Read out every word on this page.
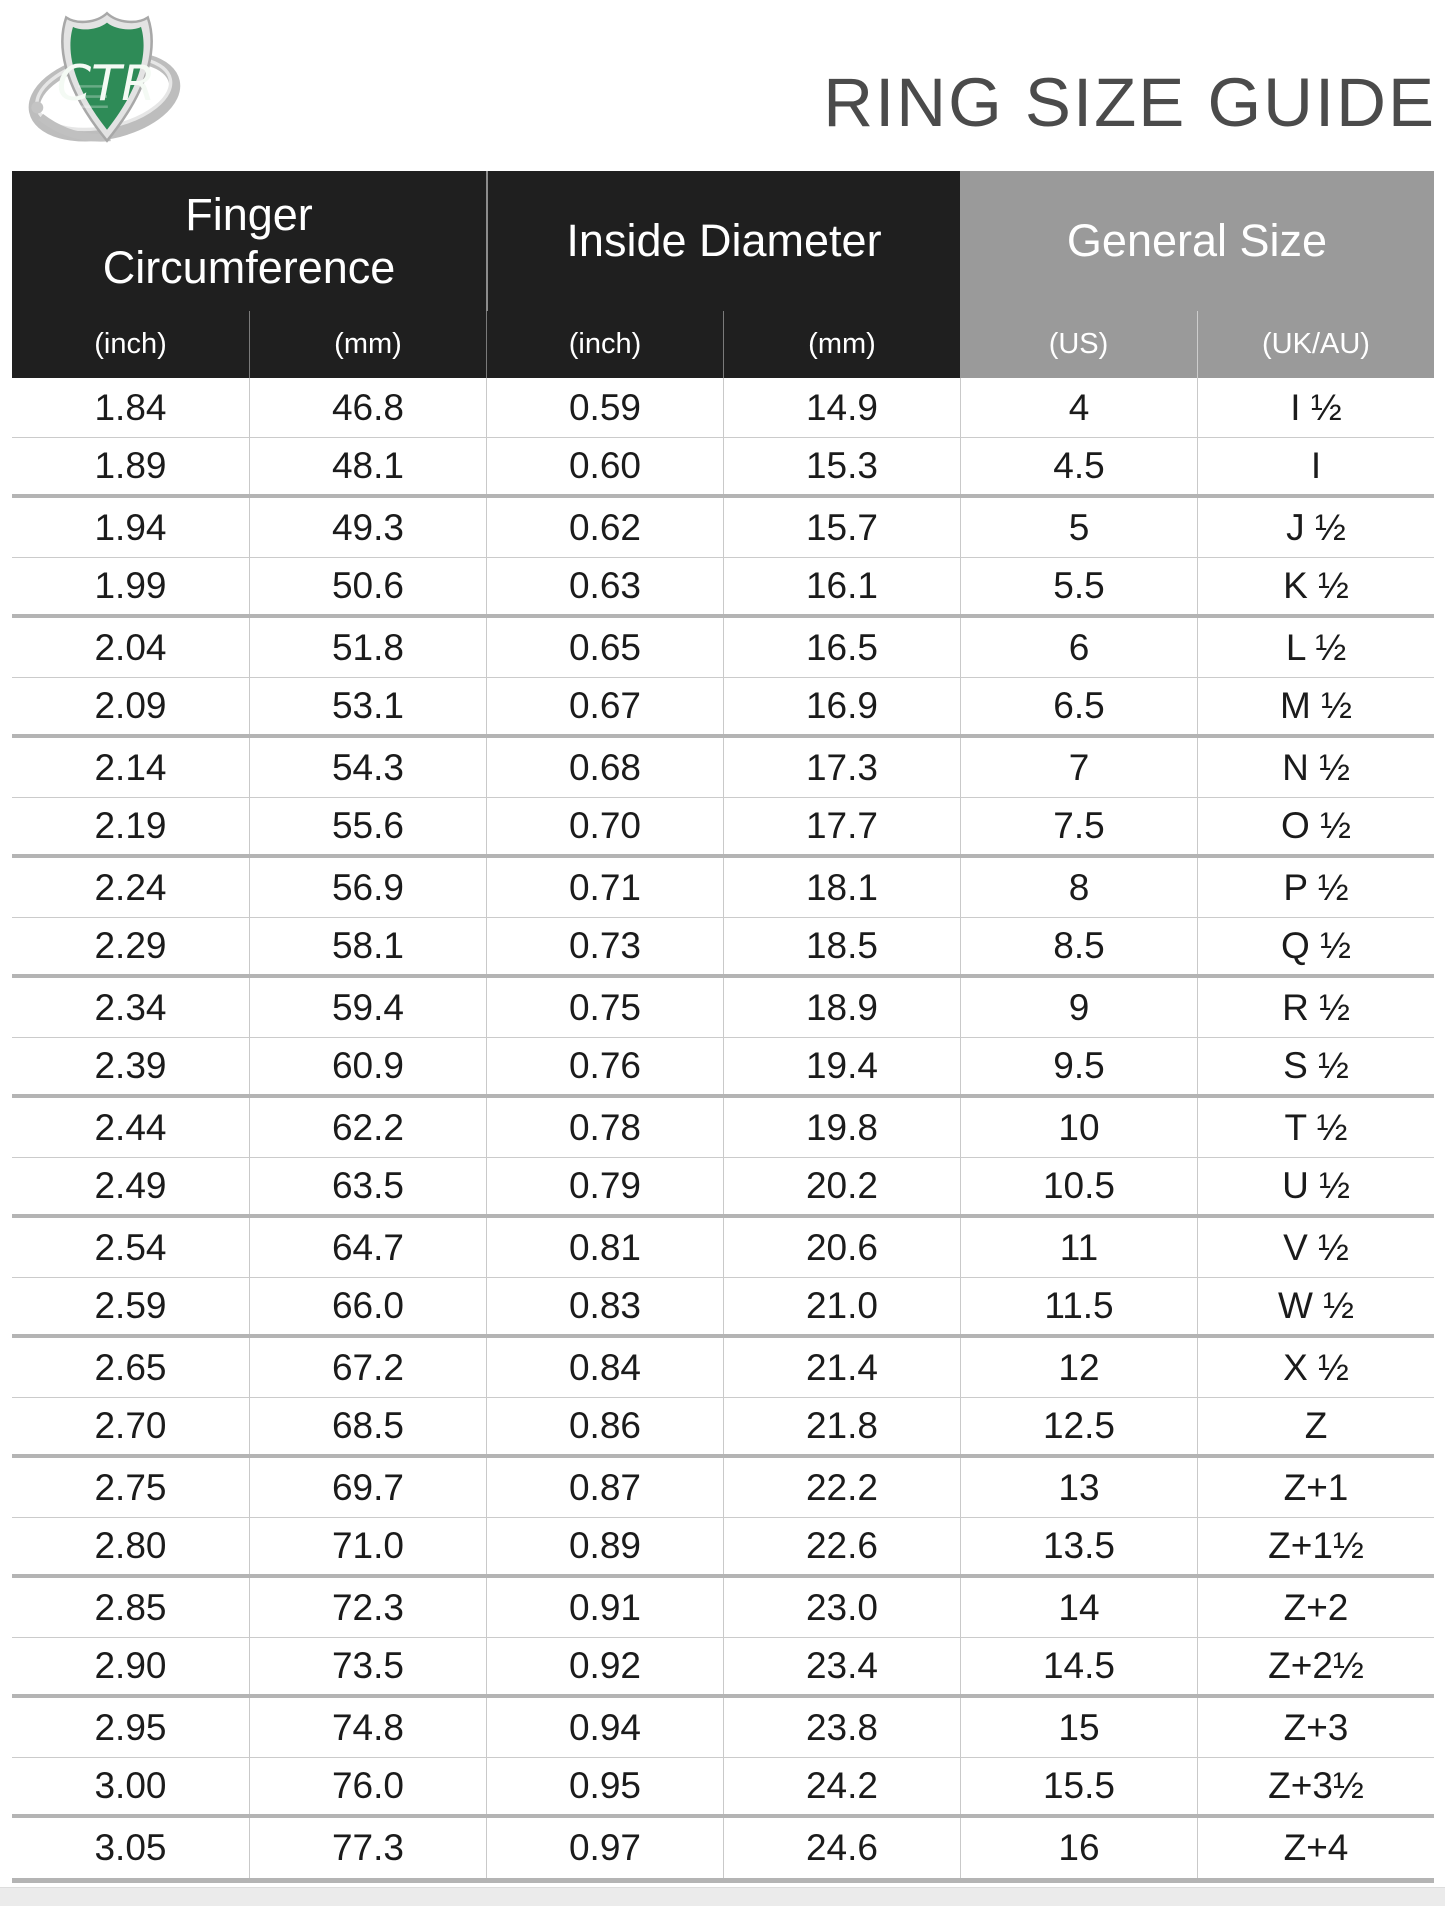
CTR	RING SIZE GUIDE
Finger Circumference
Inside Diameter	General Size
(inch)	(mm)	(inch)	(mm)	(US)	(UK/AU)
1.84	46.8	0.59	14.9	4	I ½
1.89	48.1	0.60	15.3	4.5	I
1.94	49.3	0.62	15.7	5	J ½
1.99	50.6	0.63	16.1	5.5	K ½
2.04	51.8	0.65	16.5	6	L ½
2.09	53.1	0.67	16.9	6.5	M ½
2.14	54.3	0.68	17.3	7	N ½
2.19	55.6	0.70	17.7	7.5	O ½
2.24	56.9	0.71	18.1	8	P ½
2.29	58.1	0.73	18.5	8.5	Q ½
2.34	59.4	0.75	18.9	9	R ½
2.39	60.9	0.76	19.4	9.5	S ½
2.44	62.2	0.78	19.8	10	T ½
2.49	63.5	0.79	20.2	10.5	U ½
2.54	64.7	0.81	20.6	11	V ½
2.59	66.0	0.83	21.0	11.5	W ½
2.65	67.2	0.84	21.4	12	X ½
2.70	68.5	0.86	21.8	12.5	Z
2.75	69.7	0.87	22.2	13	Z+1
2.80	71.0	0.89	22.6	13.5	Z+1½
2.85	72.3	0.91	23.0	14	Z+2
2.90	73.5	0.92	23.4	14.5	Z+2½
2.95	74.8	0.94	23.8	15	Z+3
3.00	76.0	0.95	24.2	15.5	Z+3½
3.05	77.3	0.97	24.6	16	Z+4
